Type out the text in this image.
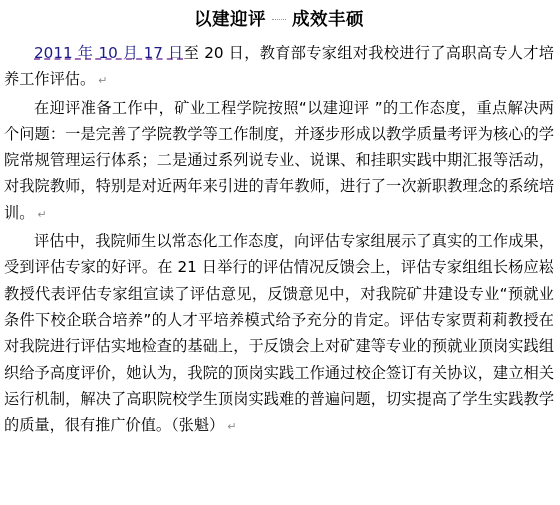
以建迎评 成效丰硕

2011 年 10 月 17 日至 20 日，教育部专家组对我校进行了高职高专人才培养工作评估。 ↵

在迎评准备工作中，矿业工程学院按照“以建迎评 ”的工作态度，重点解决两个问题：一是完善了学院教学等工作制度，并逐步形成以教学质量考评为核心的学院常规管理运行体系；二是通过系列说专业、说课、和挂职实践中期汇报等活动，对我院教师，特别是对近两年来引进的青年教师，进行了一次新职教理念的系统培训。 ↵

评估中，我院师生以常态化工作态度，向评估专家组展示了真实的工作成果，受到评估专家的好评。在 21 日举行的评估情况反馈会上，评估专家组组长杨应崧教授代表评估专家组宣读了评估意见，反馈意见中，对我院矿井建设专业“预就业条件下校企联合培养”的人才平培养模式给予充分的肯定。评估专家贾莉莉教授在对我院进行评估实地检查的基础上，于反馈会上对矿建等专业的预就业顶岗实践组织给予高度评价，她认为，我院的顶岗实践工作通过校企签订有关协议，建立相关运行机制，解决了高职院校学生顶岗实践难的普遍问题，切实提高了学生实践教学的质量，很有推广价值。（张魁） ↵
